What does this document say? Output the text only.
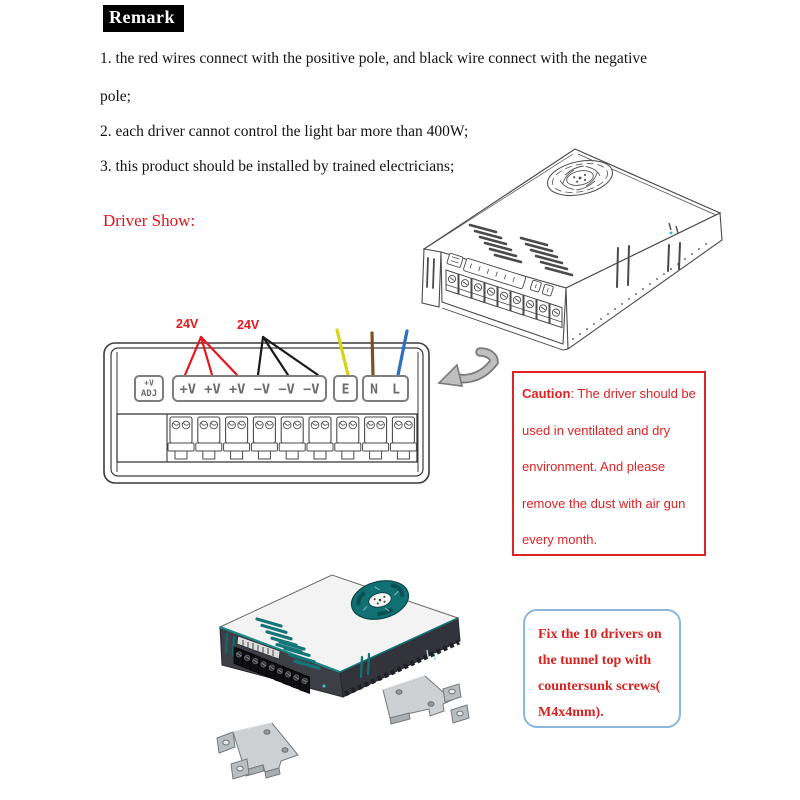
Remark
1. the red wires connect with the positive pole, and black wire connect with the negative
pole;
2. each driver cannot control the light bar more than 400W;
3. this product should be installed by trained electricians;
Driver Show:
+V
ADJ +V +V +V −V −V −V E N L
24V	24V
Caution: The driver should be
used in ventilated and dry
environment. And please
remove the dust with air gun
every month.
Fix the 10 drivers on
the tunnel top with
countersunk screws(
M4x4mm).
